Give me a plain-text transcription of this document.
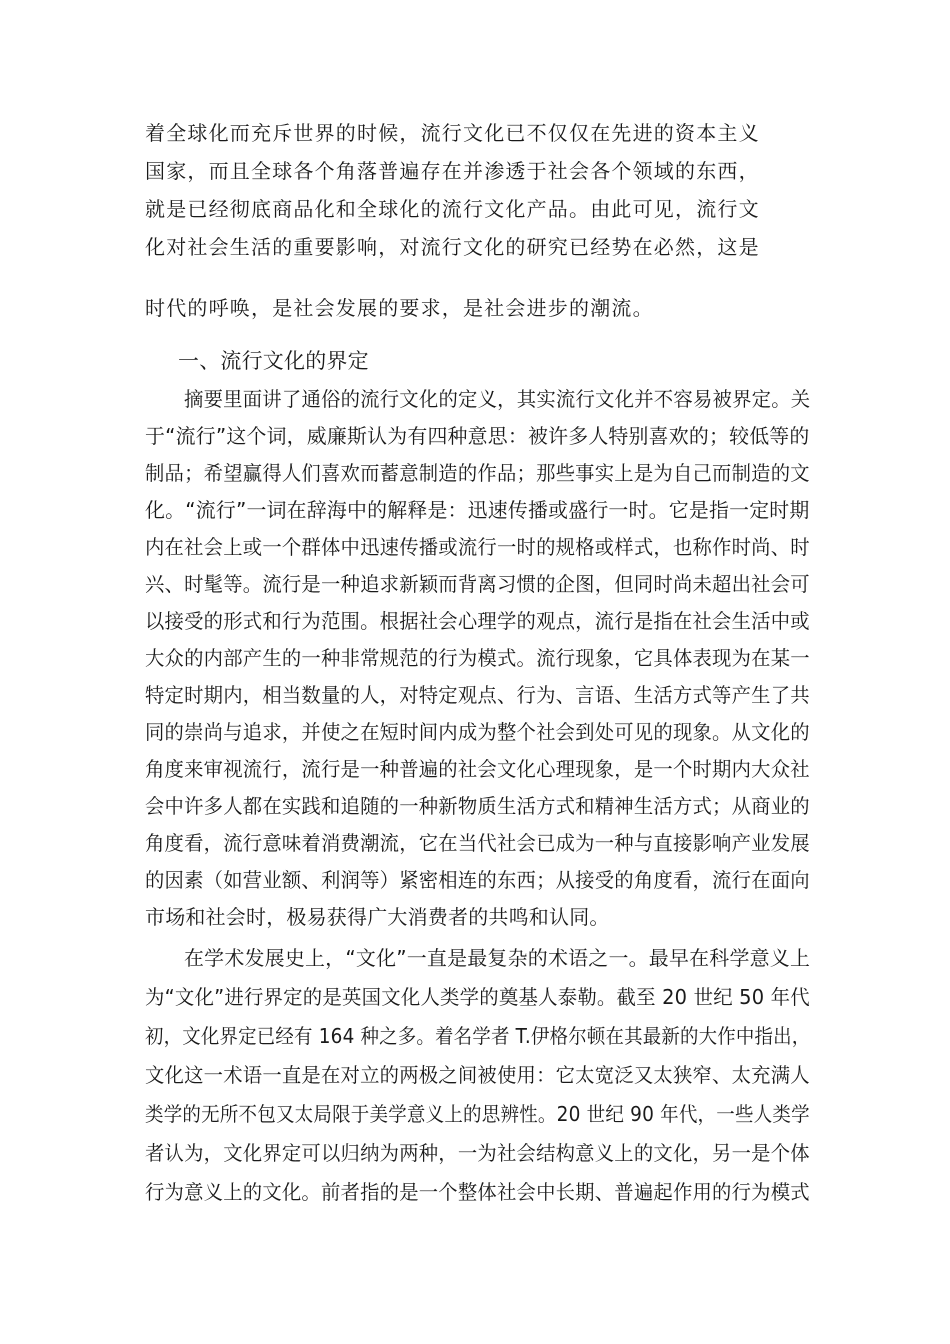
着全球化而充斥世界的时候，流行文化已不仅仅在先进的资本主义
国家，而且全球各个角落普遍存在并渗透于社会各个领域的东西，
就是已经彻底商品化和全球化的流行文化产品。由此可见，流行文
化对社会生活的重要影响，对流行文化的研究已经势在必然，这是
时代的呼唤，是社会发展的要求，是社会进步的潮流。
一、流行文化的界定
摘要里面讲了通俗的流行文化的定义，其实流行文化并不容易被界定。关
于“流行”这个词，威廉斯认为有四种意思：被许多人特别喜欢的；较低等的
制品；希望赢得人们喜欢而蓄意制造的作品；那些事实上是为自己而制造的文
化。“流行”一词在辞海中的解释是：迅速传播或盛行一时。它是指一定时期
内在社会上或一个群体中迅速传播或流行一时的规格或样式，也称作时尚、时
兴、时髦等。流行是一种追求新颖而背离习惯的企图，但同时尚未超出社会可
以接受的形式和行为范围。根据社会心理学的观点，流行是指在社会生活中或
大众的内部产生的一种非常规范的行为模式。流行现象，它具体表现为在某一
特定时期内，相当数量的人，对特定观点、行为、言语、生活方式等产生了共
同的崇尚与追求，并使之在短时间内成为整个社会到处可见的现象。从文化的
角度来审视流行，流行是一种普遍的社会文化心理现象，是一个时期内大众社
会中许多人都在实践和追随的一种新物质生活方式和精神生活方式；从商业的
角度看，流行意味着消费潮流，它在当代社会已成为一种与直接影响产业发展
的因素（如营业额、利润等）紧密相连的东西；从接受的角度看，流行在面向
市场和社会时，极易获得广大消费者的共鸣和认同。
在学术发展史上，“文化”一直是最复杂的术语之一。最早在科学意义上
为“文化”进行界定的是英国文化人类学的奠基人泰勒。截至 20 世纪 50 年代
初，文化界定已经有 164 种之多。着名学者 T.伊格尔顿在其最新的大作中指出，
文化这一术语一直是在对立的两极之间被使用：它太宽泛又太狭窄、太充满人
类学的无所不包又太局限于美学意义上的思辨性。20 世纪 90 年代，一些人类学
者认为，文化界定可以归纳为两种，一为社会结构意义上的文化，另一是个体
行为意义上的文化。前者指的是一个整体社会中长期、普遍起作用的行为模式
